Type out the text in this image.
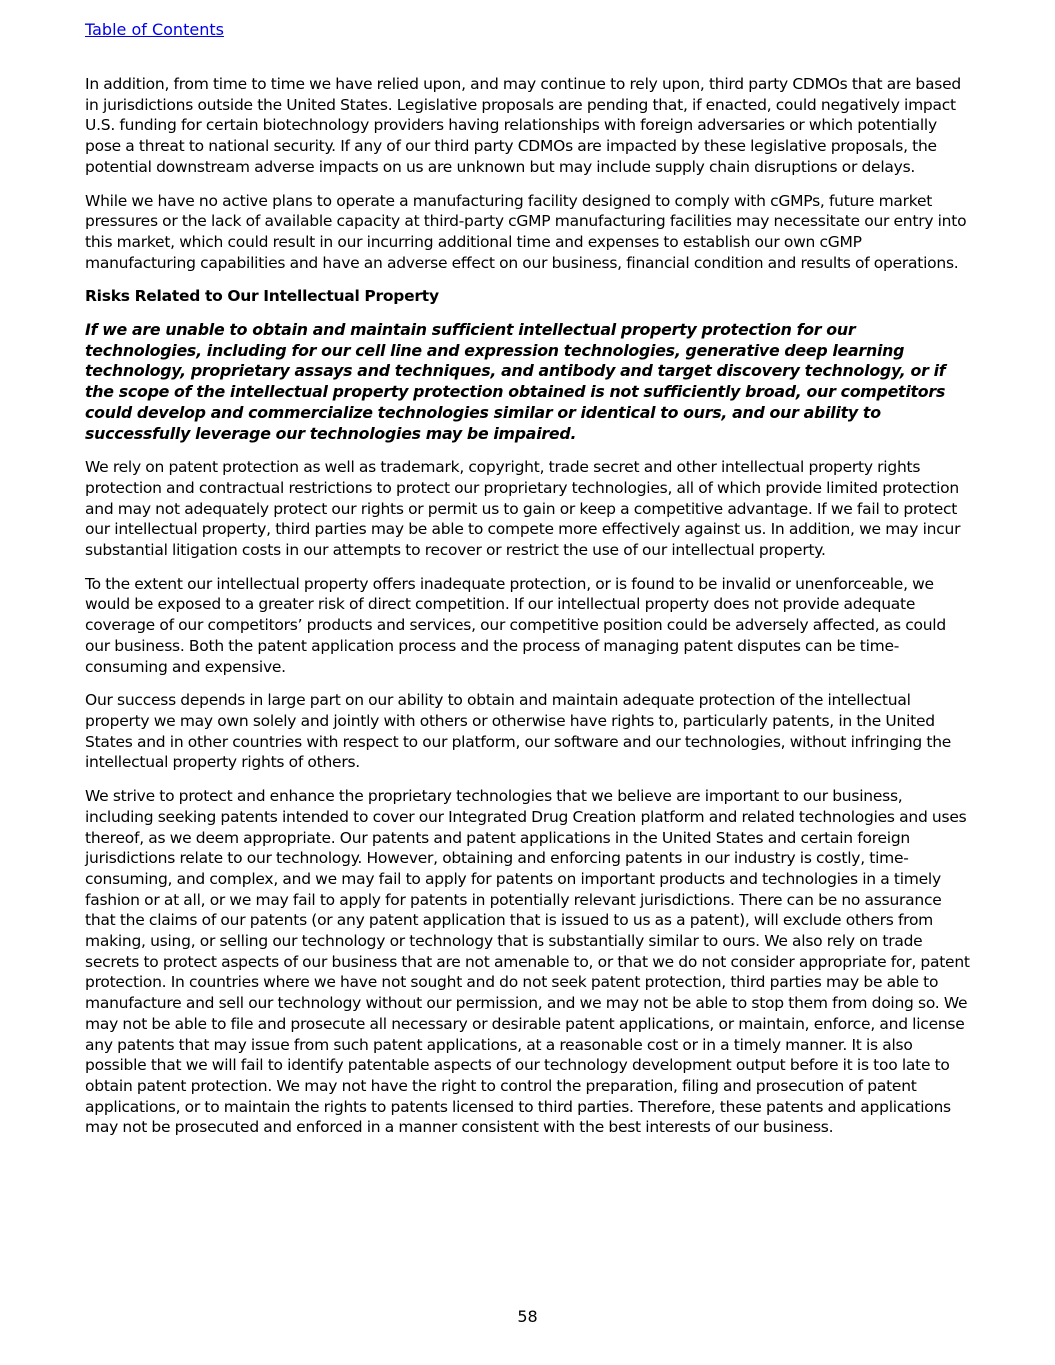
Table of Contents

In addition, from time to time we have relied upon, and may continue to rely upon, third party CDMOs that are based in jurisdictions outside the United States. Legislative proposals are pending that, if enacted, could negatively impact U.S. funding for certain biotechnology providers having relationships with foreign adversaries or which potentially pose a threat to national security. If any of our third party CDMOs are impacted by these legislative proposals, the potential downstream adverse impacts on us are unknown but may include supply chain disruptions or delays.

While we have no active plans to operate a manufacturing facility designed to comply with cGMPs, future market pressures or the lack of available capacity at third-party cGMP manufacturing facilities may necessitate our entry into this market, which could result in our incurring additional time and expenses to establish our own cGMP manufacturing capabilities and have an adverse effect on our business, financial condition and results of operations.

Risks Related to Our Intellectual Property

If we are unable to obtain and maintain sufficient intellectual property protection for our technologies, including for our cell line and expression technologies, generative deep learning technology, proprietary assays and techniques, and antibody and target discovery technology, or if the scope of the intellectual property protection obtained is not sufficiently broad, our competitors could develop and commercialize technologies similar or identical to ours, and our ability to successfully leverage our technologies may be impaired.

We rely on patent protection as well as trademark, copyright, trade secret and other intellectual property rights protection and contractual restrictions to protect our proprietary technologies, all of which provide limited protection and may not adequately protect our rights or permit us to gain or keep a competitive advantage. If we fail to protect our intellectual property, third parties may be able to compete more effectively against us. In addition, we may incur substantial litigation costs in our attempts to recover or restrict the use of our intellectual property.

To the extent our intellectual property offers inadequate protection, or is found to be invalid or unenforceable, we would be exposed to a greater risk of direct competition. If our intellectual property does not provide adequate coverage of our competitors’ products and services, our competitive position could be adversely affected, as could our business. Both the patent application process and the process of managing patent disputes can be time-consuming and expensive.

Our success depends in large part on our ability to obtain and maintain adequate protection of the intellectual property we may own solely and jointly with others or otherwise have rights to, particularly patents, in the United States and in other countries with respect to our platform, our software and our technologies, without infringing the intellectual property rights of others.

We strive to protect and enhance the proprietary technologies that we believe are important to our business, including seeking patents intended to cover our Integrated Drug Creation platform and related technologies and uses thereof, as we deem appropriate. Our patents and patent applications in the United States and certain foreign jurisdictions relate to our technology. However, obtaining and enforcing patents in our industry is costly, time-consuming, and complex, and we may fail to apply for patents on important products and technologies in a timely fashion or at all, or we may fail to apply for patents in potentially relevant jurisdictions. There can be no assurance that the claims of our patents (or any patent application that is issued to us as a patent), will exclude others from making, using, or selling our technology or technology that is substantially similar to ours. We also rely on trade secrets to protect aspects of our business that are not amenable to, or that we do not consider appropriate for, patent protection. In countries where we have not sought and do not seek patent protection, third parties may be able to manufacture and sell our technology without our permission, and we may not be able to stop them from doing so. We may not be able to file and prosecute all necessary or desirable patent applications, or maintain, enforce, and license any patents that may issue from such patent applications, at a reasonable cost or in a timely manner. It is also possible that we will fail to identify patentable aspects of our technology development output before it is too late to obtain patent protection. We may not have the right to control the preparation, filing and prosecution of patent applications, or to maintain the rights to patents licensed to third parties. Therefore, these patents and applications may not be prosecuted and enforced in a manner consistent with the best interests of our business.

58
